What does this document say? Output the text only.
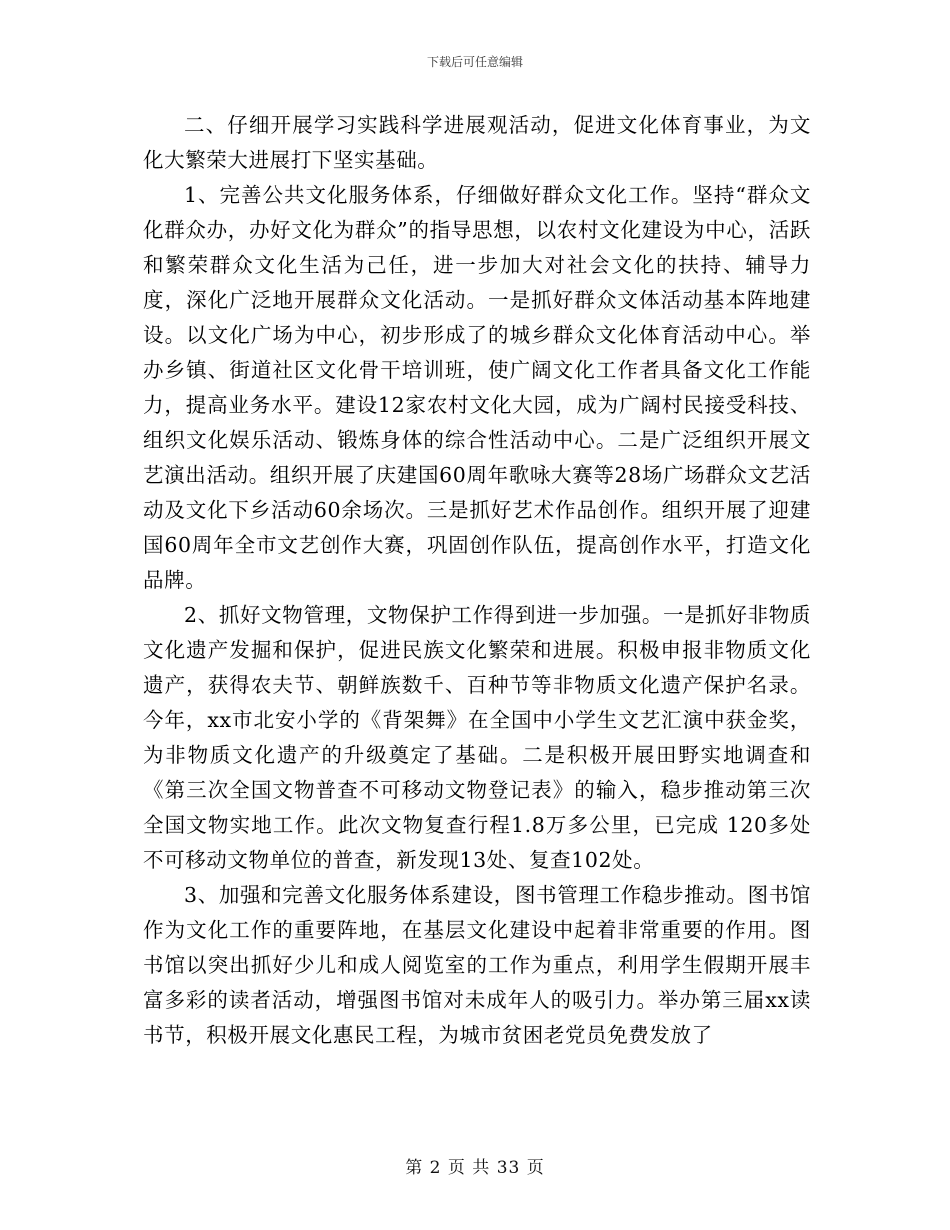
下载后可任意编辑

二、仔细开展学习实践科学进展观活动，促进文化体育事业，为文化大繁荣大进展打下坚实基础。

1、完善公共文化服务体系，仔细做好群众文化工作。坚持“群众文化群众办，办好文化为群众”的指导思想，以农村文化建设为中心，活跃和繁荣群众文化生活为己任，进一步加大对社会文化的扶持、辅导力度，深化广泛地开展群众文化活动。一是抓好群众文体活动基本阵地建设。以文化广场为中心，初步形成了的城乡群众文化体育活动中心。举办乡镇、街道社区文化骨干培训班，使广阔文化工作者具备文化工作能力，提高业务水平。建设12家农村文化大园，成为广阔村民接受科技、组织文化娱乐活动、锻炼身体的综合性活动中心。二是广泛组织开展文艺演出活动。组织开展了庆建国60周年歌咏大赛等28场广场群众文艺活动及文化下乡活动60余场次。三是抓好艺术作品创作。组织开展了迎建国60周年全市文艺创作大赛，巩固创作队伍，提高创作水平，打造文化品牌。

2、抓好文物管理，文物保护工作得到进一步加强。一是抓好非物质文化遗产发掘和保护，促进民族文化繁荣和进展。积极申报非物质文化遗产，获得农夫节、朝鲜族数千、百种节等非物质文化遗产保护名录。今年，xx市北安小学的《背架舞》在全国中小学生文艺汇演中获金奖，为非物质文化遗产的升级奠定了基础。二是积极开展田野实地调查和《第三次全国文物普查不可移动文物登记表》的输入，稳步推动第三次全国文物实地工作。此次文物复查行程1.8万多公里，已完成 120多处不可移动文物单位的普查，新发现13处、复查102处。

3、加强和完善文化服务体系建设，图书管理工作稳步推动。图书馆作为文化工作的重要阵地，在基层文化建设中起着非常重要的作用。图书馆以突出抓好少儿和成人阅览室的工作为重点，利用学生假期开展丰富多彩的读者活动，增强图书馆对未成年人的吸引力。举办第三届xx读书节，积极开展文化惠民工程，为城市贫困老党员免费发放了

第 2 页 共 33 页
